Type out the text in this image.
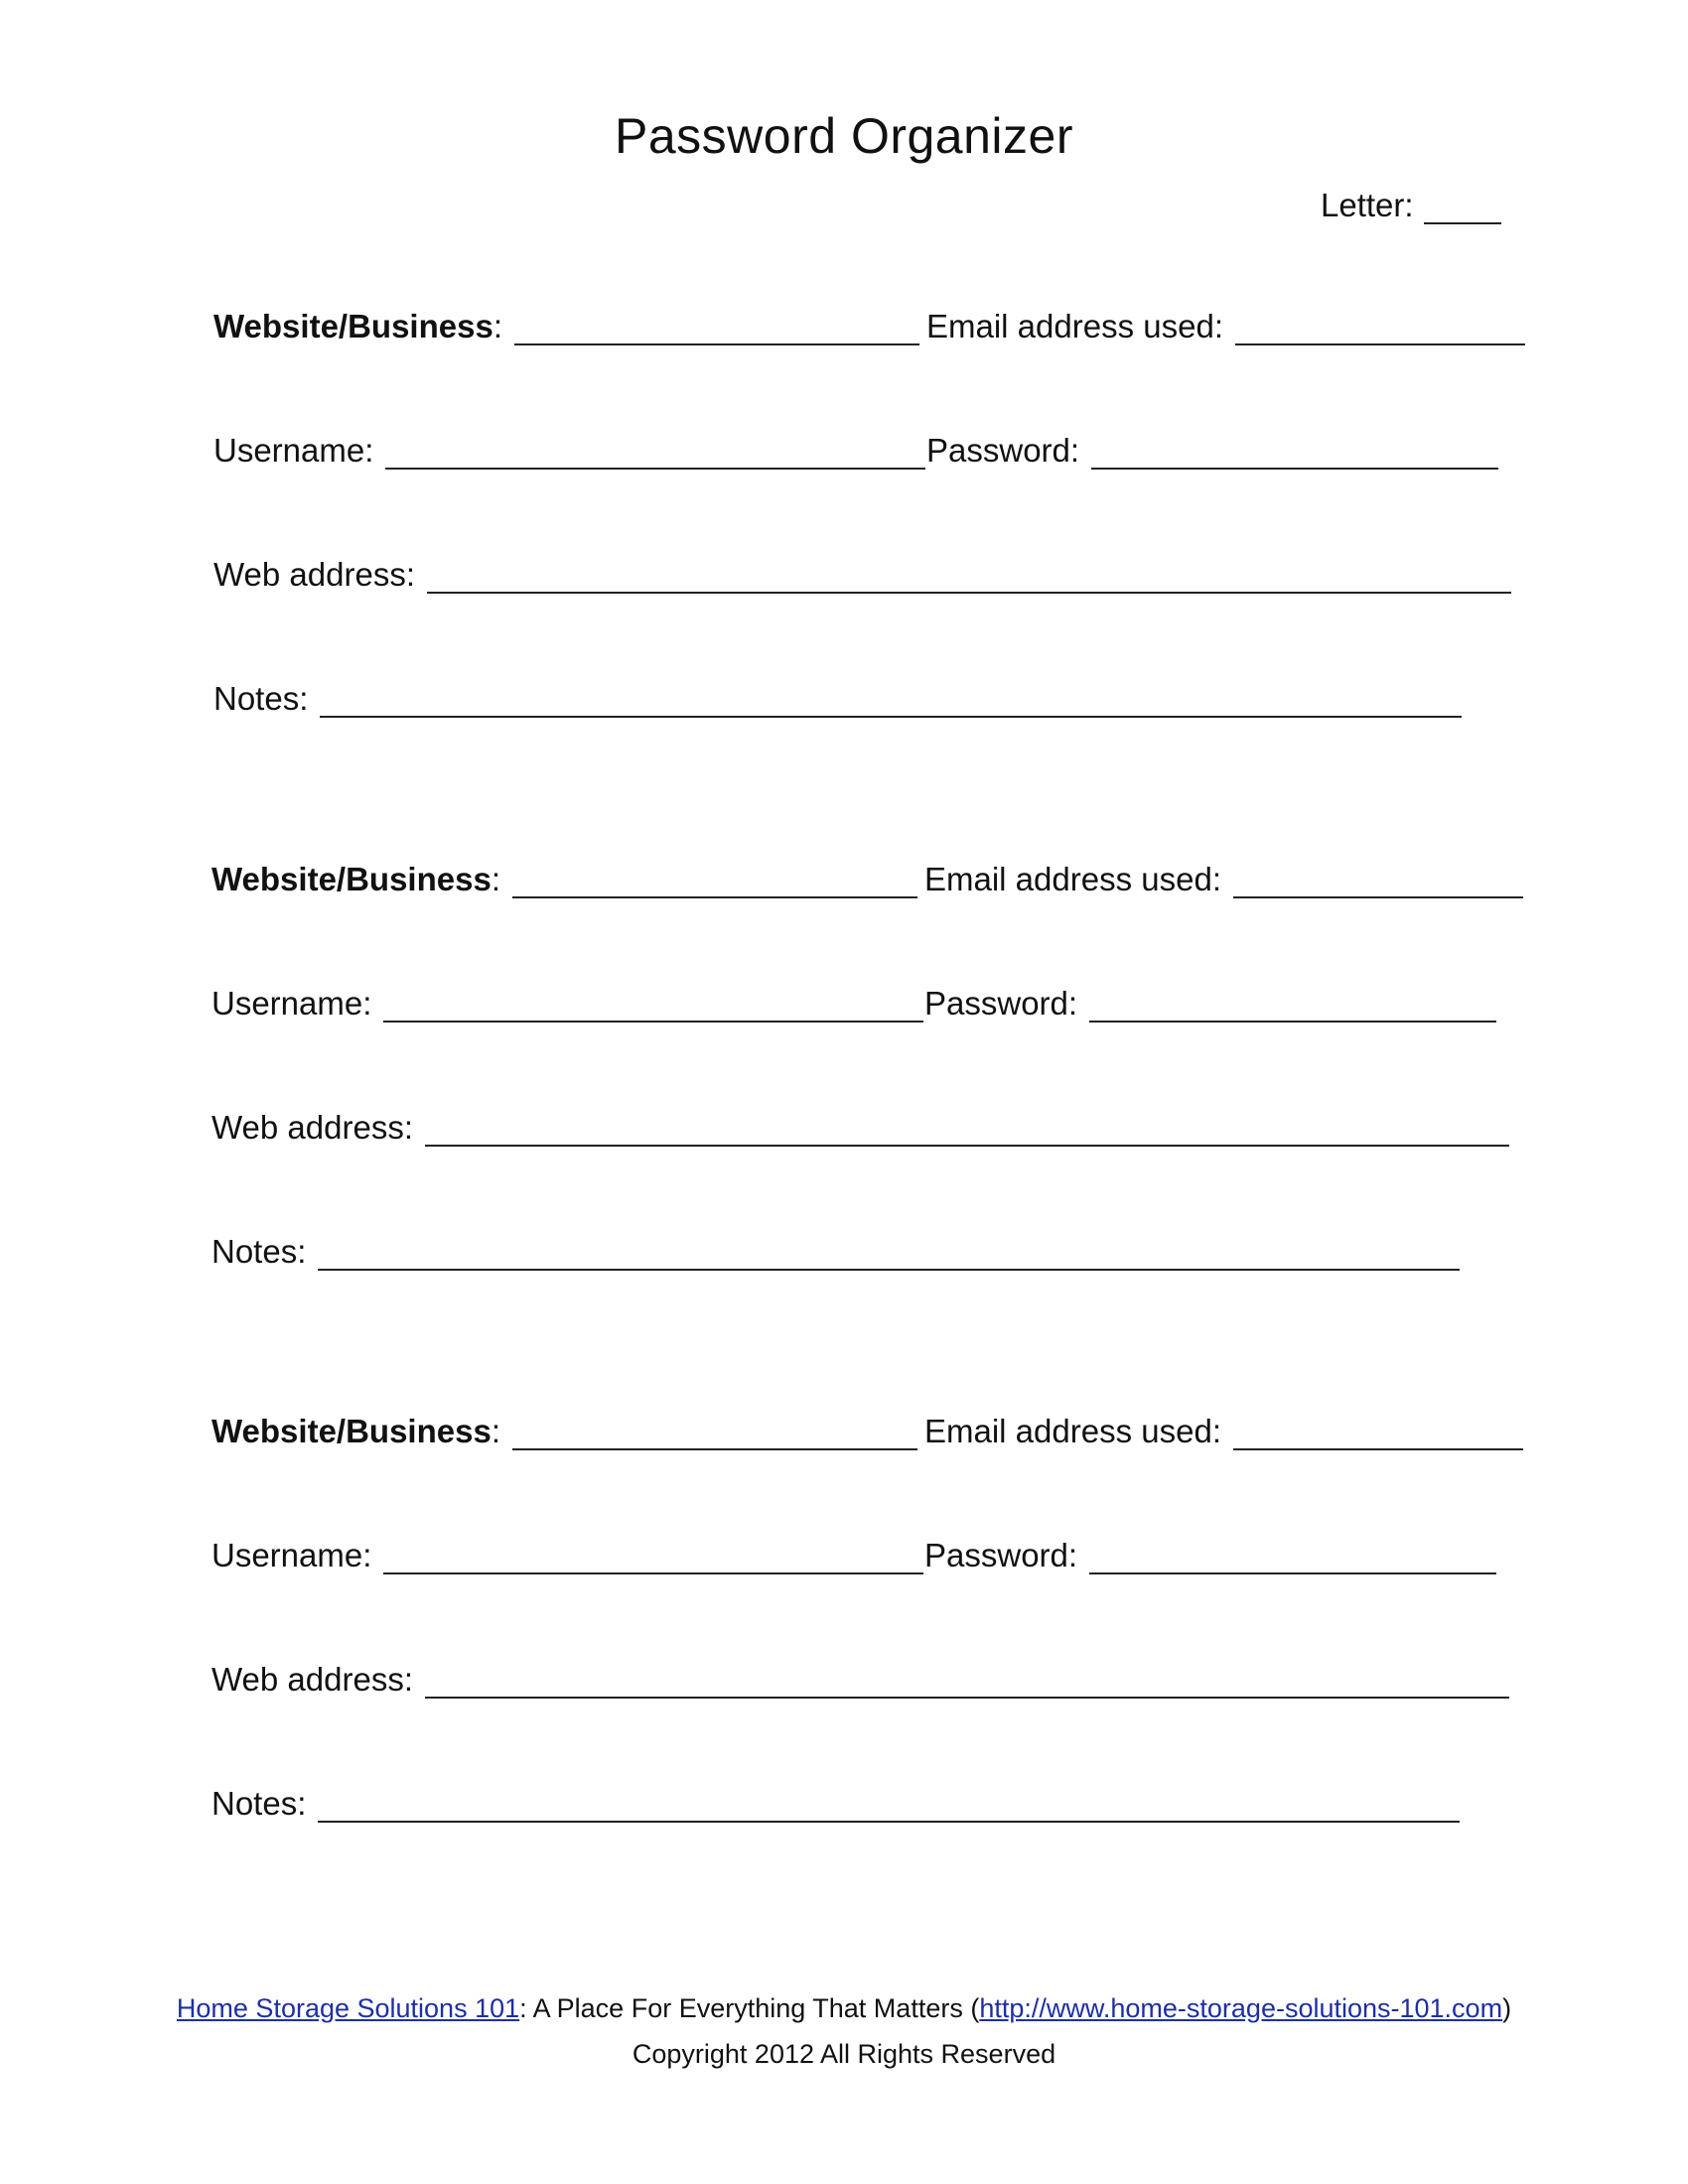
Password Organizer
Letter:
Website/Business:	Email address used:
Username:	Password:
Web address:
Notes:
Website/Business:	Email address used:
Username:	Password:
Web address:
Notes:
Website/Business:	Email address used:
Username:	Password:
Web address:
Notes:
Home Storage Solutions 101: A Place For Everything That Matters (http://www.home-storage-solutions-101.com)
Copyright 2012 All Rights Reserved
